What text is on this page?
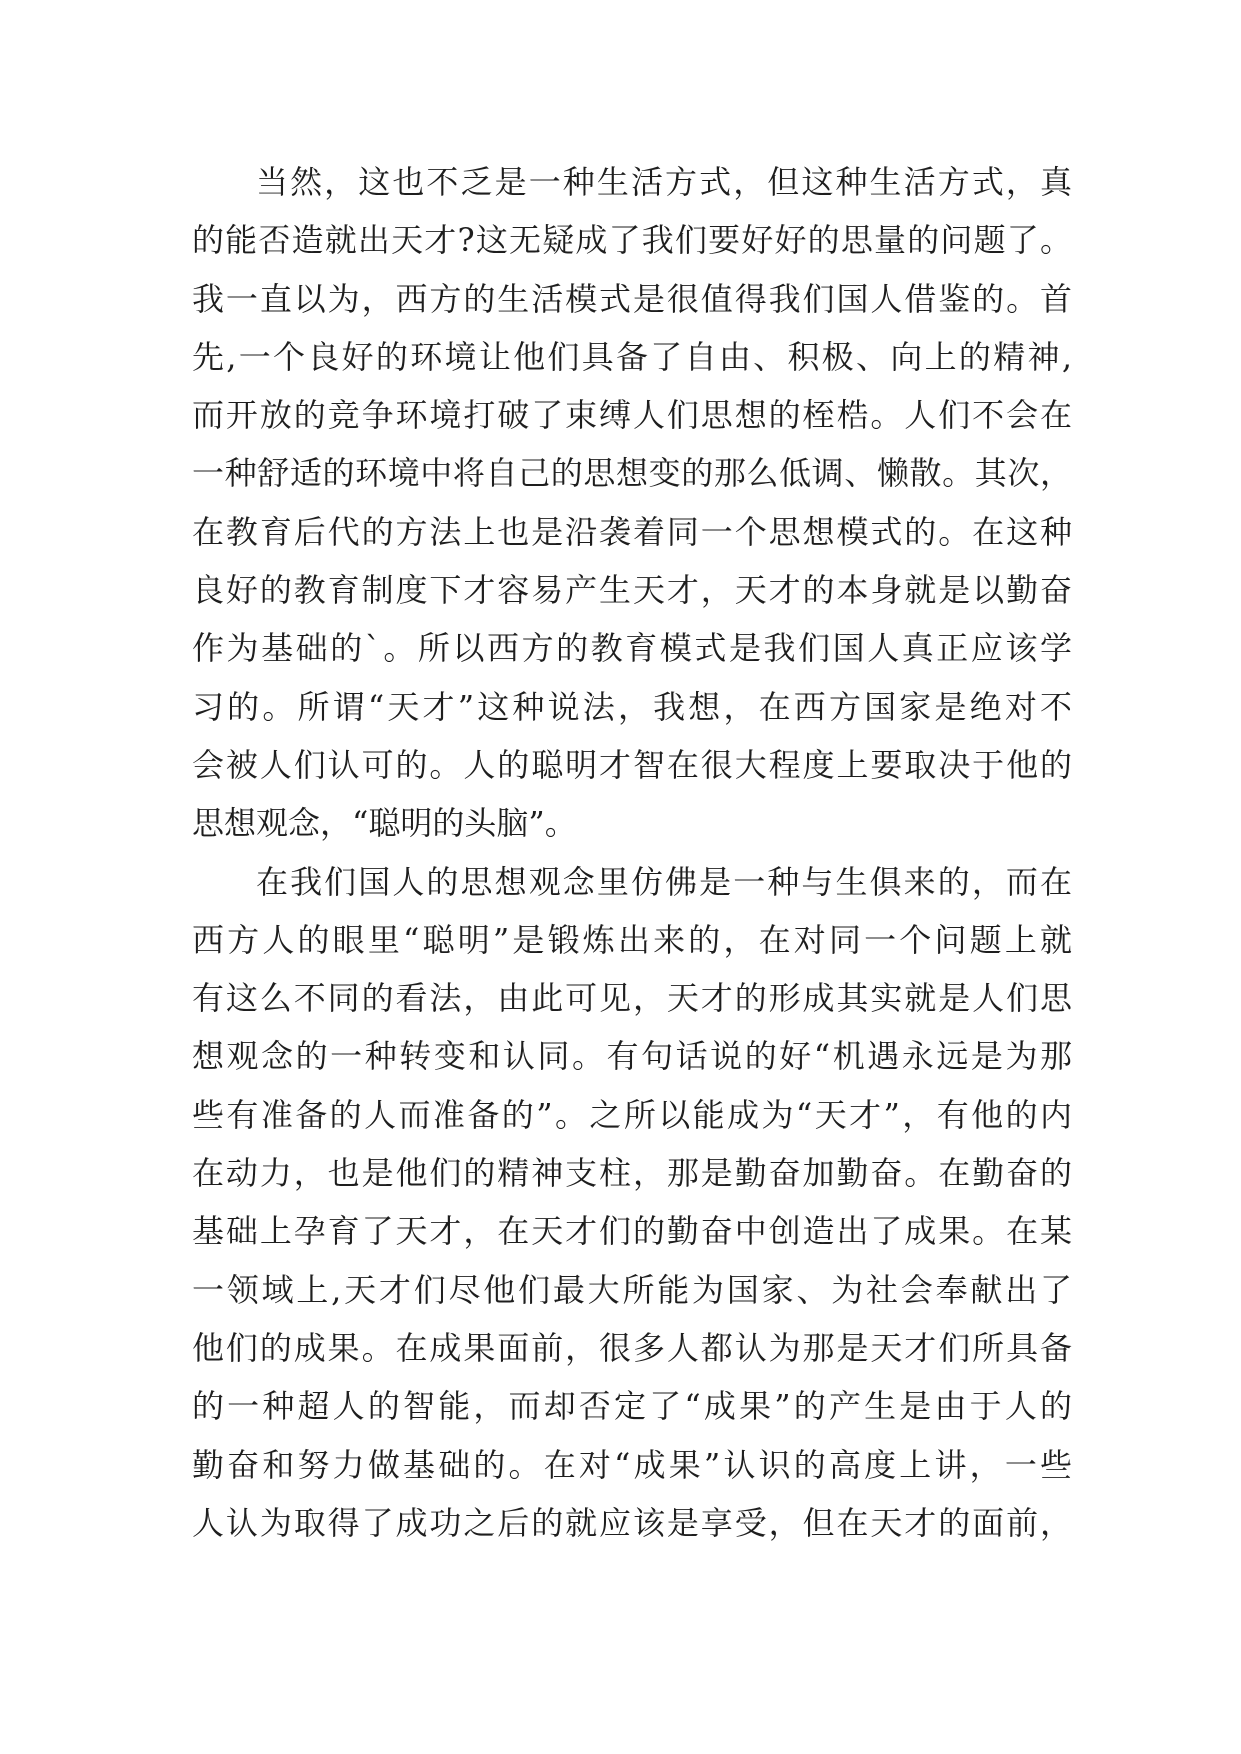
当然，这也不乏是一种生活方式，但这种生活方式，真
的能否造就出天才?这无疑成了我们要好好的思量的问题了。
我一直以为，西方的生活模式是很值得我们国人借鉴的。首
先,一个良好的环境让他们具备了自由、积极、向上的精神,
而开放的竞争环境打破了束缚人们思想的桎梏。人们不会在
一种舒适的环境中将自己的思想变的那么低调、懒散。其次，
在教育后代的方法上也是沿袭着同一个思想模式的。在这种
良好的教育制度下才容易产生天才，天才的本身就是以勤奋
作为基础的`。所以西方的教育模式是我们国人真正应该学
习的。所谓“天才”这种说法，我想，在西方国家是绝对不
会被人们认可的。人的聪明才智在很大程度上要取决于他的
思想观念，“聪明的头脑”。
在我们国人的思想观念里仿佛是一种与生俱来的，而在
西方人的眼里“聪明”是锻炼出来的，在对同一个问题上就
有这么不同的看法，由此可见，天才的形成其实就是人们思
想观念的一种转变和认同。有句话说的好“机遇永远是为那
些有准备的人而准备的”。之所以能成为“天才”，有他的内
在动力，也是他们的精神支柱，那是勤奋加勤奋。在勤奋的
基础上孕育了天才，在天才们的勤奋中创造出了成果。在某
一领域上,天才们尽他们最大所能为国家、为社会奉献出了
他们的成果。在成果面前，很多人都认为那是天才们所具备
的一种超人的智能，而却否定了“成果”的产生是由于人的
勤奋和努力做基础的。在对“成果”认识的高度上讲，一些
人认为取得了成功之后的就应该是享受，但在天才的面前，
